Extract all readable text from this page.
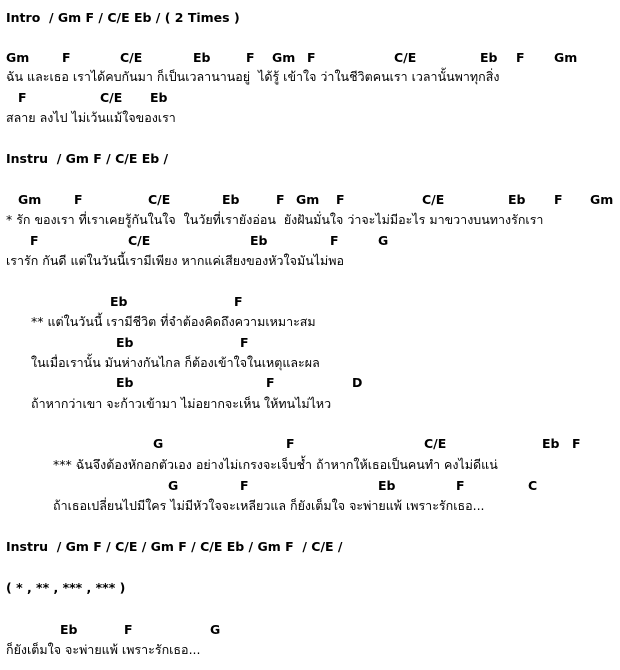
Intro  / Gm F / C/E Eb / ( 2 Times )
Gm	F	C/E	Eb	F Gm F	C/E	Eb F Gm
ฉัน และเธอ เราได้คบกันมา ก็เป็นเวลานานอยู่  ได้รู้ เข้าใจ ว่าในชีวิตคนเรา เวลานั้นพาทุกสิ่ง
F	C/E Eb
สลาย ลงไป ไม่เว้นแม้ใจของเรา
Instru  / Gm F / C/E Eb /
Gm	F	C/E	Eb	F Gm F	C/E	Eb F Gm
* รัก ของเรา ที่เราเคยรู้กันในใจ  ในวัยที่เรายังอ่อน  ยังฝันมั่นใจ ว่าจะไม่มีอะไร มาขวางบนทางรักเรา
F	C/E	Eb	F	G
เรารัก กันดี แต่ในวันนี้เรามีเพียง หากแค่เสียงของหัวใจมันไม่พอ
Eb	F
** แต่ในวันนี้ เรามีชีวิต ที่จำต้องคิดถึงความเหมาะสม
Eb	F
ในเมื่อเรานั้น มันห่างกันไกล ก็ต้องเข้าใจในเหตุและผล
Eb	F	D
ถ้าหากว่าเขา จะก้าวเข้ามา ไม่อยากจะเห็น ให้ทนไม่ไหว
G	F	C/E	Eb F
*** ฉันจึงต้องหักอกตัวเอง อย่างไม่เกรงจะเจ็บช้ำ ถ้าหากให้เธอเป็นคนทำ คงไม่ดีแน่
G	F	Eb	F	C
ถ้าเธอเปลี่ยนไปมีใคร ไม่มีหัวใจจะเหลียวแล ก็ยังเต็มใจ จะพ่ายแพ้ เพราะรักเธอ...
Instru  / Gm F / C/E / Gm F / C/E Eb / Gm F  / C/E /
( * , ** , *** , *** )
Eb	F	G
ก็ยังเต็มใจ จะพ่ายแพ้ เพราะรักเธอ...
